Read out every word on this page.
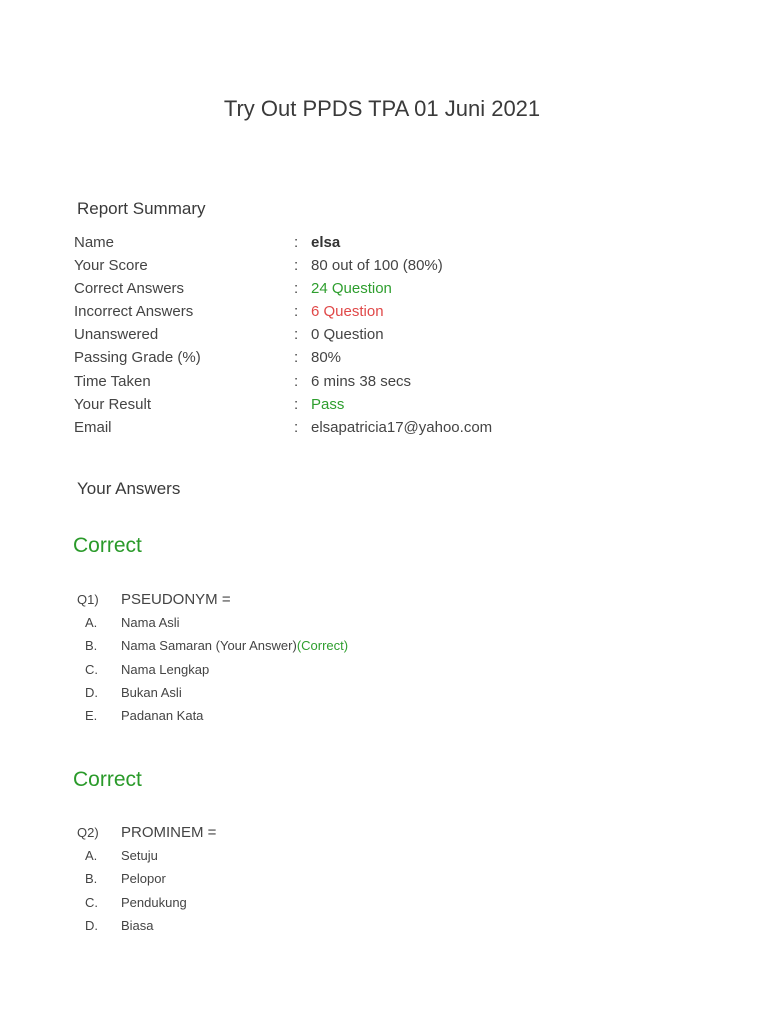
Try Out PPDS TPA 01 Juni 2021
Report Summary
Name	: elsa
Your Score	: 80 out of 100 (80%)
Correct Answers	: 24 Question
Incorrect Answers	: 6 Question
Unanswered	: 0 Question
Passing Grade (%)	: 80%
Time Taken	: 6 mins 38 secs
Your Result	: Pass
Email	: elsapatricia17@yahoo.com
Your Answers
Correct
Q1) PSEUDONYM =
A. Nama Asli
B. Nama Samaran (Your Answer)(Correct)
C. Nama Lengkap
D. Bukan Asli
E. Padanan Kata
Correct
Q2) PROMINEM =
A. Setuju
B. Pelopor
C. Pendukung
D. Biasa
